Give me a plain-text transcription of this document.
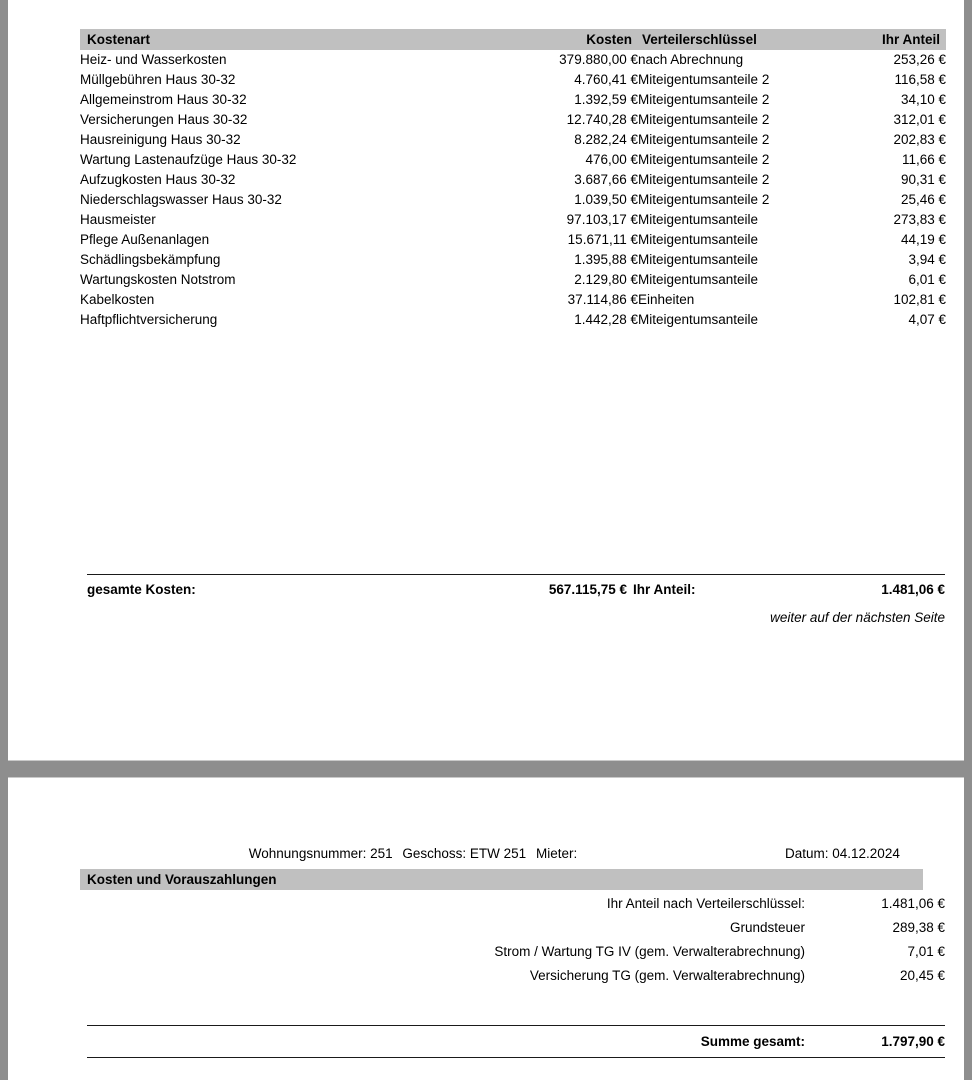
Kostenart	Kosten	Verteilerschlüssel	Ihr Anteil
Heiz- und Wasserkosten	379.880,00 €	nach Abrechnung	253,26 €
Müllgebühren Haus 30-32	4.760,41 €	Miteigentumsanteile 2	116,58 €
Allgemeinstrom Haus 30-32	1.392,59 €	Miteigentumsanteile 2	34,10 €
Versicherungen Haus 30-32	12.740,28 €	Miteigentumsanteile 2	312,01 €
Hausreinigung Haus 30-32	8.282,24 €	Miteigentumsanteile 2	202,83 €
Wartung Lastenaufzüge Haus 30-32	476,00 €	Miteigentumsanteile 2	11,66 €
Aufzugkosten Haus 30-32	3.687,66 €	Miteigentumsanteile 2	90,31 €
Niederschlagswasser Haus 30-32	1.039,50 €	Miteigentumsanteile 2	25,46 €
Hausmeister	97.103,17 €	Miteigentumsanteile	273,83 €
Pflege Außenanlagen	15.671,11 €	Miteigentumsanteile	44,19 €
Schädlingsbekämpfung	1.395,88 €	Miteigentumsanteile	3,94 €
Wartungskosten Notstrom	2.129,80 €	Miteigentumsanteile	6,01 €
Kabelkosten	37.114,86 €	Einheiten	102,81 €
Haftpflichtversicherung	1.442,28 €	Miteigentumsanteile	4,07 €
gesamte Kosten:	567.115,75 € Ihr Anteil:	1.481,06 €
weiter auf der nächsten Seite
Wohnungsnummer: 251 Geschoss: ETW 251 Mieter:	Datum: 04.12.2024
Kosten und Vorauszahlungen
Ihr Anteil nach Verteilerschlüssel:	1.481,06 €
Grundsteuer	289,38 €
Strom / Wartung TG IV (gem. Verwalterabrechnung)	7,01 €
Versicherung TG (gem. Verwalterabrechnung)	20,45 €
Summe gesamt:	1.797,90 €
